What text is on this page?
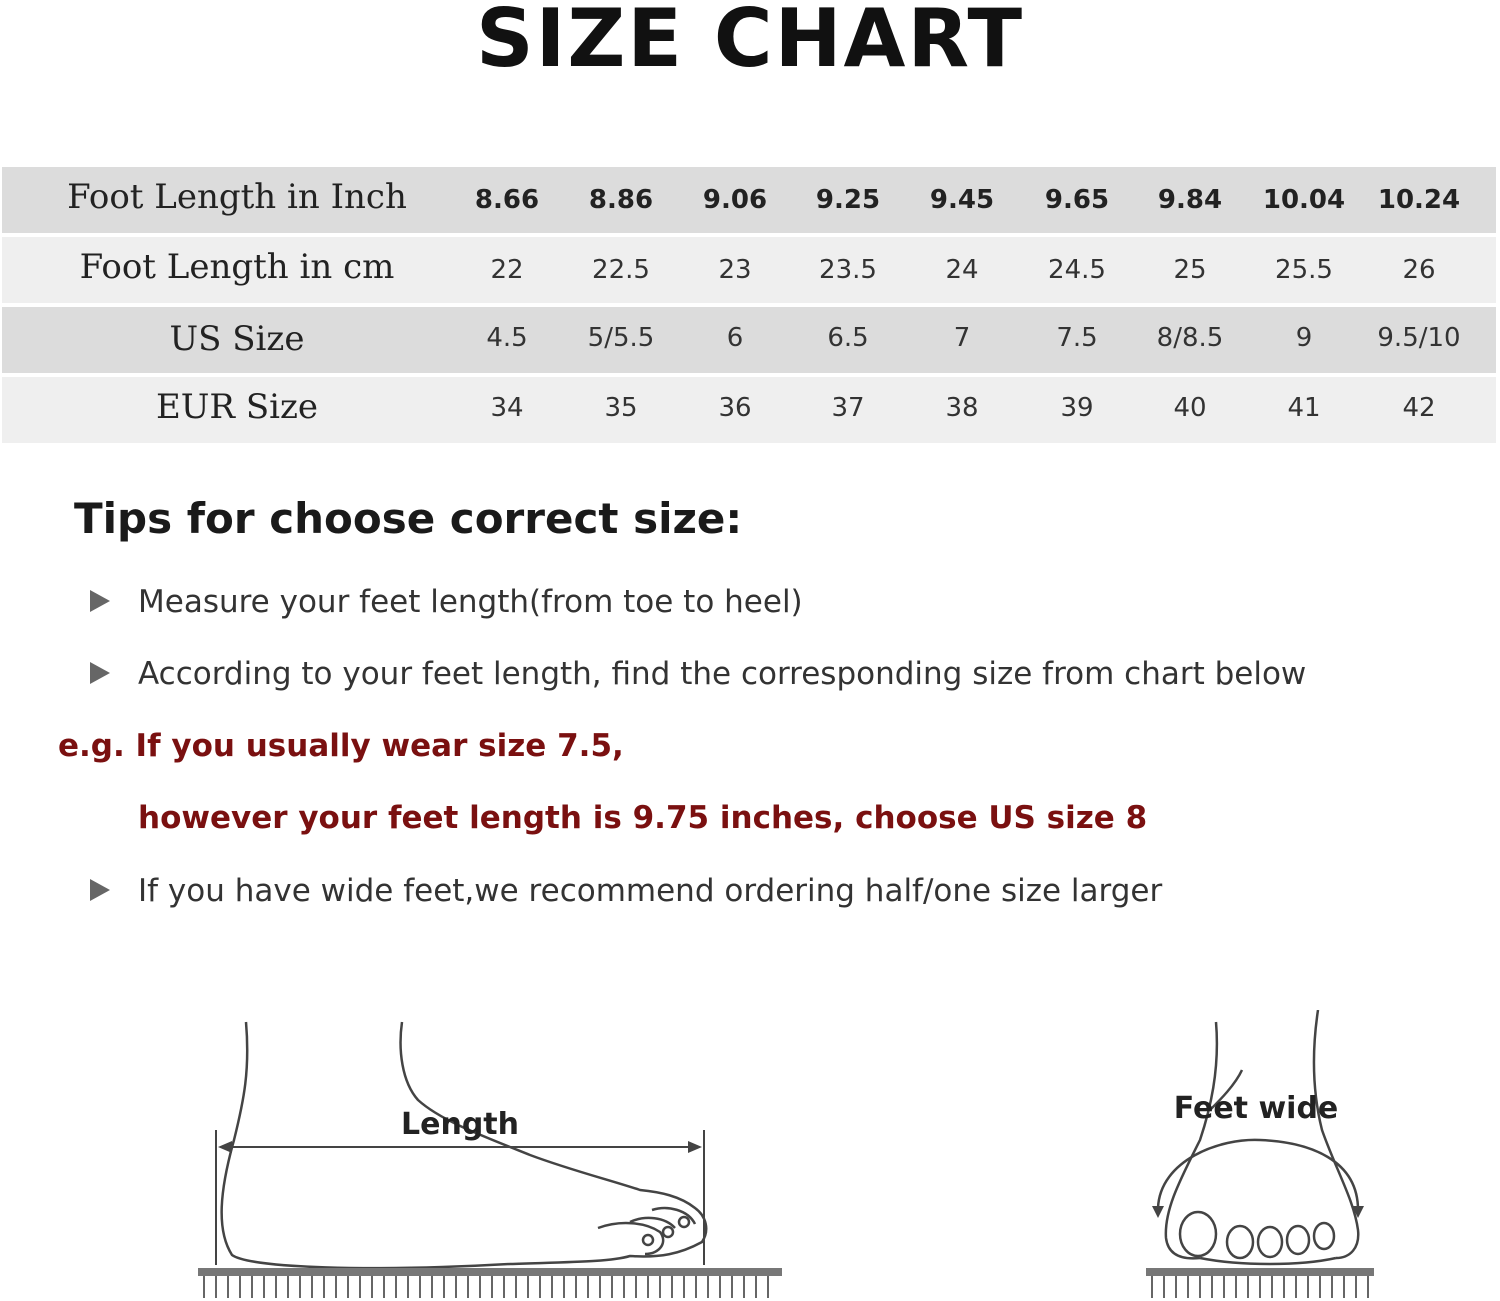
SIZE CHART
Foot Length in Inch	8.66	8.86	9.06	9.25	9.45	9.65	9.84	10.04	10.24
Foot Length in cm	22	22.5	23	23.5	24	24.5	25	25.5	26
US Size	4.5	5/5.5	6	6.5	7	7.5	8/8.5	9	9.5/10
EUR Size	34	35	36	37	38	39	40	41	42
Tips for choose correct size:
Measure your feet length(from toe to heel)
According to your feet length, find the corresponding size from chart below
e.g. If you usually wear size 7.5,
however your feet length is 9.75 inches, choose US size 8
If you have wide feet,we recommend ordering half/one size larger
Length	Feet wide
